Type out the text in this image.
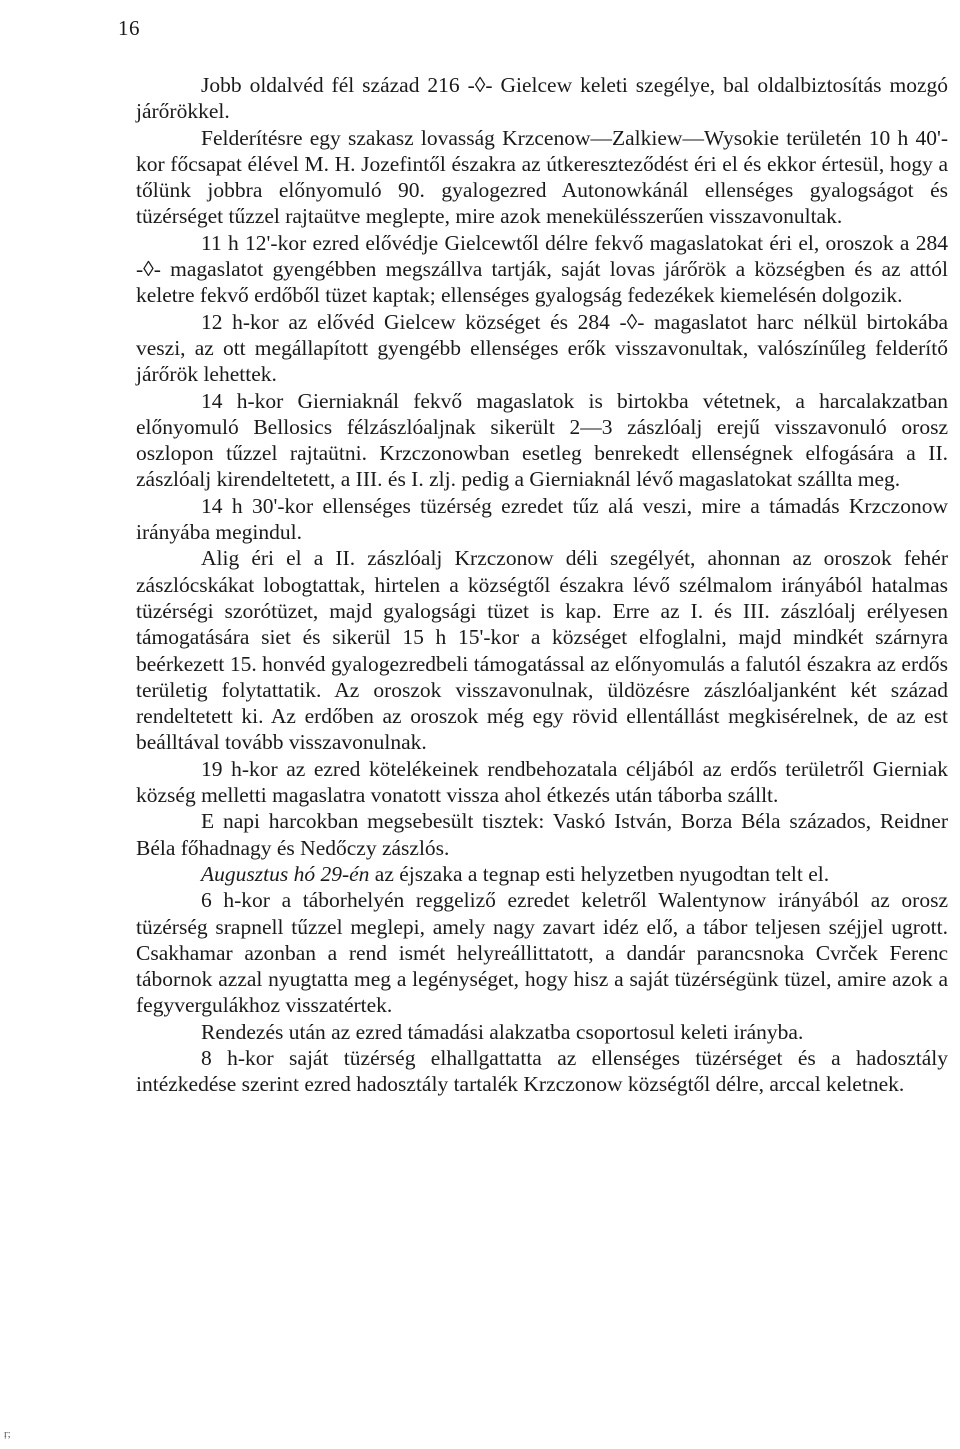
16

Jobb oldalvéd fél század 216 -◊- Gielcew keleti szegélye, bal oldalbiztosítás mozgó járőrökkel.

Felderítésre egy szakasz lovasság Krzcenow—Zalkiew—Wysokie területén 10 h 40'-kor főcsapat élével M. H. Jozefintől északra az útkereszteződést éri el és ekkor értesül, hogy a tőlünk jobbra előnyomuló 90. gyalogezred Autonowkánál ellenséges gyalogságot és tüzérséget tűzzel rajtaütve meglepte, mire azok menekülésszerűen visszavonultak.

11 h 12'-kor ezred elővédje Gielcewtől délre fekvő magaslatokat éri el, oroszok a 284 -◊- magaslatot gyengébben megszállva tartják, saját lovas járőrök a községben és az attól keletre fekvő erdőből tüzet kaptak; ellenséges gyalogság fedezékek kiemelésén dolgozik.

12 h-kor az elővéd Gielcew községet és 284 -◊- magaslatot harc nélkül birtokába veszi, az ott megállapított gyengébb ellenséges erők visszavonultak, valószínűleg felderítő járőrök lehettek.

14 h-kor Gierniaknál fekvő magaslatok is birtokba vétetnek, a harcalakzatban előnyomuló Bellosics félzászlóaljnak sikerült 2—3 zászlóalj erejű visszavonuló orosz oszlopon tűzzel rajtaütni. Krzczonowban esetleg benrekedt ellenségnek elfogására a II. zászlóalj kirendeltetett, a III. és I. zlj. pedig a Gierniaknál lévő magaslatokat szállta meg.

14 h 30'-kor ellenséges tüzérség ezredet tűz alá veszi, mire a támadás Krzczonow irányába megindul.

Alig éri el a II. zászlóalj Krzczonow déli szegélyét, ahonnan az oroszok fehér zászlócskákat lobogtattak, hirtelen a községtől északra lévő szélmalom irányából hatalmas tüzérségi szorótüzet, majd gyalogsági tüzet is kap. Erre az I. és III. zászlóalj erélyesen támogatására siet és sikerül 15 h 15'-kor a községet elfoglalni, majd mindkét szárnyra beérkezett 15. honvéd gyalogezredbeli támogatással az előnyomulás a falutól északra az erdős területig folytattatik. Az oroszok visszavonulnak, üldözésre zászlóaljanként két század rendeltetett ki. Az erdőben az oroszok még egy rövid ellentállást megkisérelnek, de az est beálltával tovább visszavonulnak.

19 h-kor az ezred kötelékeinek rendbehozatala céljából az erdős területről Gierniak község melletti magaslatra vonatott vissza ahol étkezés után táborba szállt.

E napi harcokban megsebesült tisztek: Vaskó István, Borza Béla százados, Reidner Béla főhadnagy és Nedőczy zászlós.

Augusztus hó 29-én az éjszaka a tegnap esti helyzetben nyugodtan telt el.

6 h-kor a táborhelyén reggeliző ezredet keletről Walentynow irányából az orosz tüzérség srapnell tűzzel meglepi, amely nagy zavart idéz elő, a tábor teljesen széjjel ugrott. Csakhamar azonban a rend ismét helyreállittatott, a dandár parancsnoka Cvrček Ferenc tábornok azzal nyugtatta meg a legénységet, hogy hisz a saját tüzérségünk tüzel, amire azok a fegyvergulákhoz visszatértek.

Rendezés után az ezred támadási alakzatba csoportosul keleti irányba.

8 h-kor saját tüzérség elhallgattatta az ellenséges tüzérséget és a hadosztály intézkedése szerint ezred hadosztály tartalék Krzczonow községtől délre, arccal keletnek.

ŗ;
